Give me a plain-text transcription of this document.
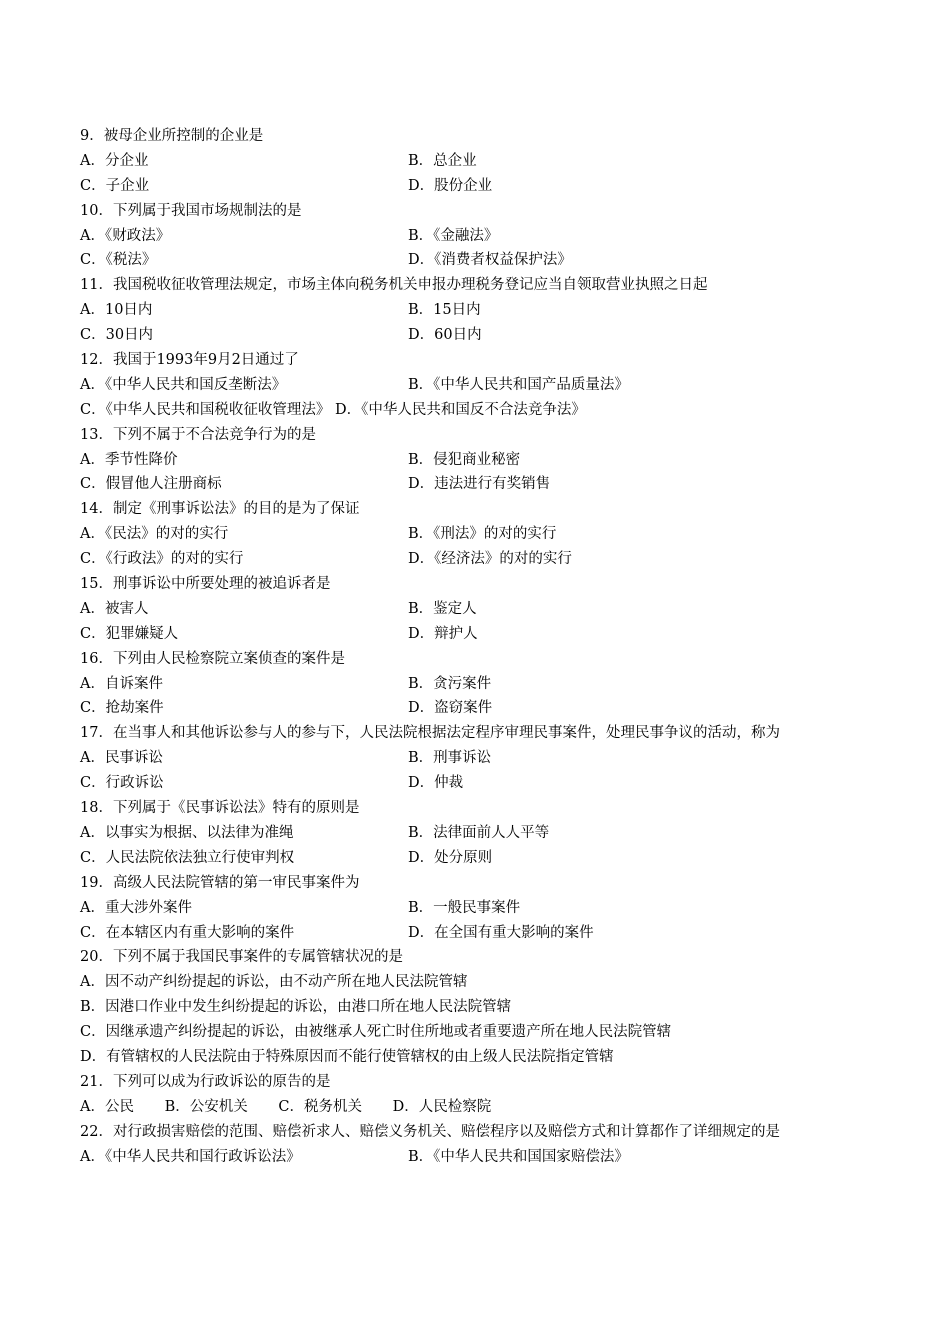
9．被母企业所控制的企业是
A．分企业	B．总企业
C．子企业	D．股份企业
10．下列属于我国市场规制法的是
A．《财政法》	B．《金融法》
C．《税法》	D．《消费者权益保护法》
11．我国税收征收管理法规定，市场主体向税务机关申报办理税务登记应当自领取营业执照之日起
A．10日内	B．15日内
C．30日内	D．60日内
12．我国于1993年9月2日通过了
A．《中华人民共和国反垄断法》	B．《中华人民共和国产品质量法》
C．《中华人民共和国税收征收管理法》 D．《中华人民共和国反不合法竞争法》
13．下列不属于不合法竞争行为的是
A．季节性降价	B．侵犯商业秘密
C．假冒他人注册商标	D．违法进行有奖销售
14．制定《刑事诉讼法》的目的是为了保证
A．《民法》的对的实行	B．《刑法》的对的实行
C．《行政法》的对的实行	D．《经济法》的对的实行
15．刑事诉讼中所要处理的被追诉者是
A．被害人	B．鉴定人
C．犯罪嫌疑人	D．辩护人
16．下列由人民检察院立案侦查的案件是
A．自诉案件	B．贪污案件
C．抢劫案件	D．盗窃案件
17．在当事人和其他诉讼参与人的参与下，人民法院根据法定程序审理民事案件，处理民事争议的活动，称为
A．民事诉讼	B．刑事诉讼
C．行政诉讼	D．仲裁
18．下列属于《民事诉讼法》特有的原则是
A．以事实为根据、以法律为准绳	B．法律面前人人平等
C．人民法院依法独立行使审判权	D．处分原则
19．高级人民法院管辖的第一审民事案件为
A．重大涉外案件	B．一般民事案件
C．在本辖区内有重大影响的案件	D．在全国有重大影响的案件
20．下列不属于我国民事案件的专属管辖状况的是
A．因不动产纠纷提起的诉讼，由不动产所在地人民法院管辖
B．因港口作业中发生纠纷提起的诉讼，由港口所在地人民法院管辖
C．因继承遗产纠纷提起的诉讼，由被继承人死亡时住所地或者重要遗产所在地人民法院管辖
D．有管辖权的人民法院由于特殊原因而不能行使管辖权的由上级人民法院指定管辖
21．下列可以成为行政诉讼的原告的是
A．公民 B．公安机关 C．税务机关 D．人民检察院
22．对行政损害赔偿的范围、赔偿祈求人、赔偿义务机关、赔偿程序以及赔偿方式和计算都作了详细规定的是
A．《中华人民共和国行政诉讼法》	B．《中华人民共和国国家赔偿法》
